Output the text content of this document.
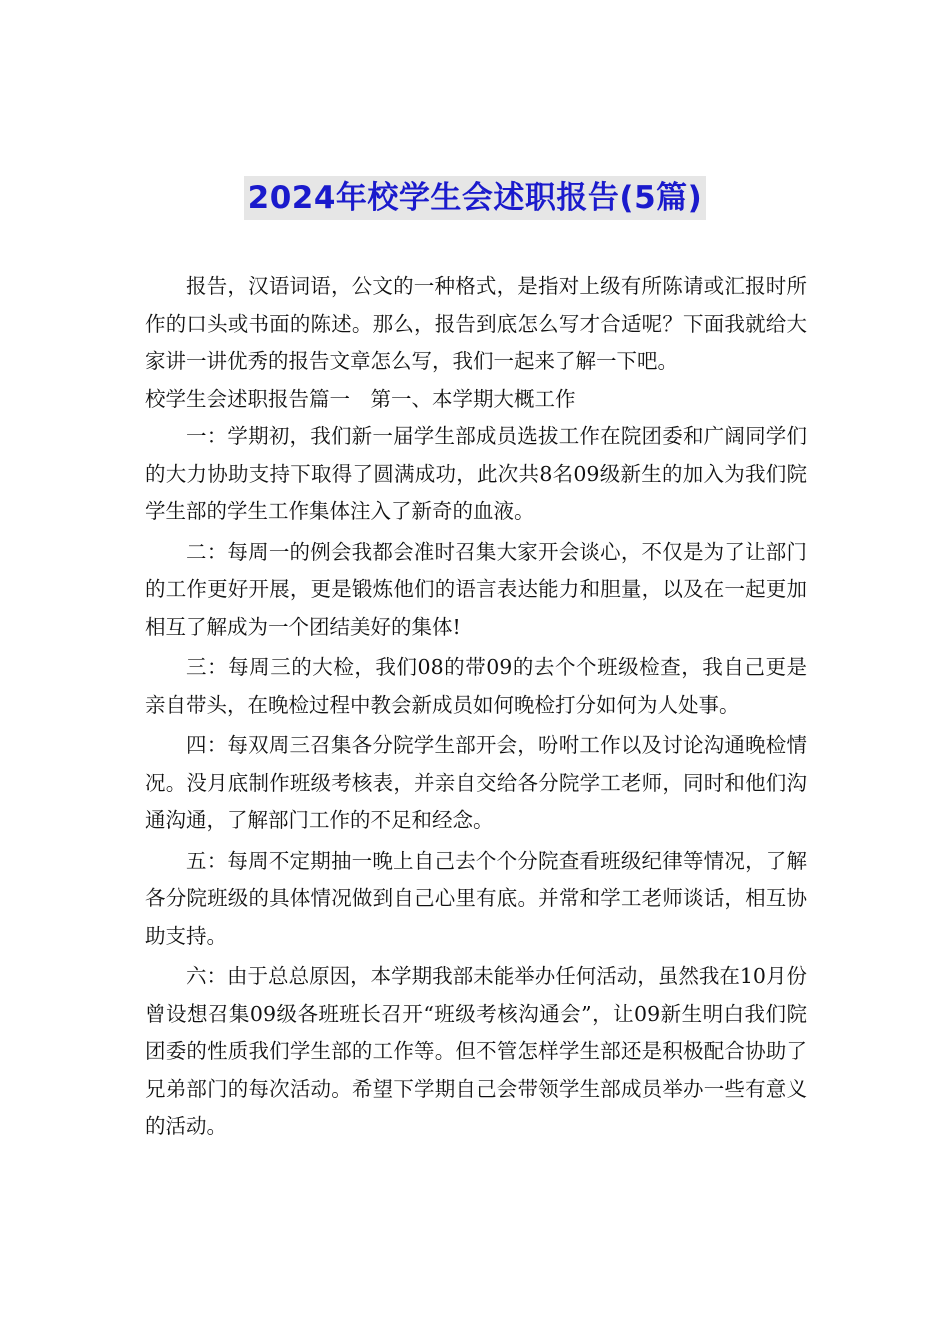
2024年校学生会述职报告(5篇)

报告，汉语词语，公文的一种格式，是指对上级有所陈请或汇报时所作的口头或书面的陈述。那么，报告到底怎么写才合适呢？下面我就给大家讲一讲优秀的报告文章怎么写，我们一起来了解一下吧。

校学生会述职报告篇一　第一、本学期大概工作

一：学期初，我们新一届学生部成员选拔工作在院团委和广阔同学们的大力协助支持下取得了圆满成功，此次共8名09级新生的加入为我们院学生部的学生工作集体注入了新奇的血液。

二：每周一的例会我都会准时召集大家开会谈心，不仅是为了让部门的工作更好开展，更是锻炼他们的语言表达能力和胆量，以及在一起更加相互了解成为一个团结美好的集体!

三：每周三的大检，我们08的带09的去个个班级检查，我自己更是亲自带头，在晚检过程中教会新成员如何晚检打分如何为人处事。

四：每双周三召集各分院学生部开会，吩咐工作以及讨论沟通晚检情况。没月底制作班级考核表，并亲自交给各分院学工老师，同时和他们沟通沟通，了解部门工作的不足和经念。

五：每周不定期抽一晚上自己去个个分院查看班级纪律等情况，了解各分院班级的具体情况做到自己心里有底。并常和学工老师谈话，相互协助支持。

六：由于总总原因，本学期我部未能举办任何活动，虽然我在10月份曾设想召集09级各班班长召开“班级考核沟通会”，让09新生明白我们院团委的性质我们学生部的工作等。但不管怎样学生部还是积极配合协助了兄弟部门的每次活动。希望下学期自己会带领学生部成员举办一些有意义的活动。
